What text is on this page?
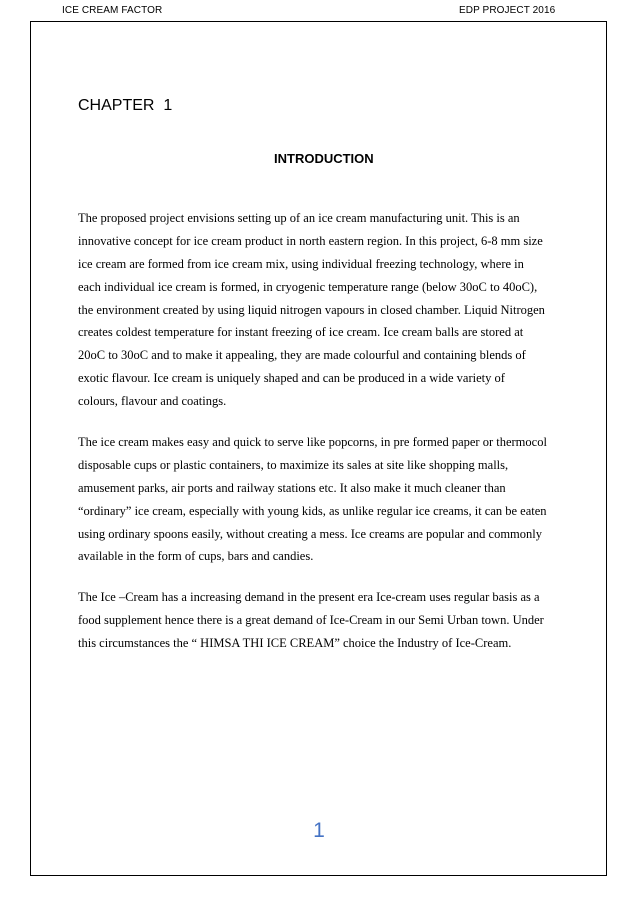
ICE CREAM FACTOR	EDP PROJECT 2016
CHAPTER  1
INTRODUCTION
The proposed project envisions setting up of an ice cream manufacturing unit. This is an
innovative concept for ice cream product in north eastern region. In this project, 6-8 mm size
ice cream are formed from ice cream mix, using individual freezing technology, where in
each individual ice cream is formed, in cryogenic temperature range (below 30oC to 40oC),
the environment created by using liquid nitrogen vapours in closed chamber. Liquid Nitrogen
creates coldest temperature for instant freezing of ice cream. Ice cream balls are stored at
20oC to 30oC and to make it appealing, they are made colourful and containing blends of
exotic flavour. Ice cream is uniquely shaped and can be produced in a wide variety of
colours, flavour and coatings.
The ice cream makes easy and quick to serve like popcorns, in pre formed paper or thermocol
disposable cups or plastic containers, to maximize its sales at site like shopping malls,
amusement parks, air ports and railway stations etc. It also make it much cleaner than
“ordinary” ice cream, especially with young kids, as unlike regular ice creams, it can be eaten
using ordinary spoons easily, without creating a mess. Ice creams are popular and commonly
available in the form of cups, bars and candies.
The Ice –Cream has a increasing demand in the present era Ice-cream uses regular basis as a
food supplement hence there is a great demand of Ice-Cream in our Semi Urban town. Under
this circumstances the “ HIMSA THI ICE CREAM” choice the Industry of Ice-Cream.
1
